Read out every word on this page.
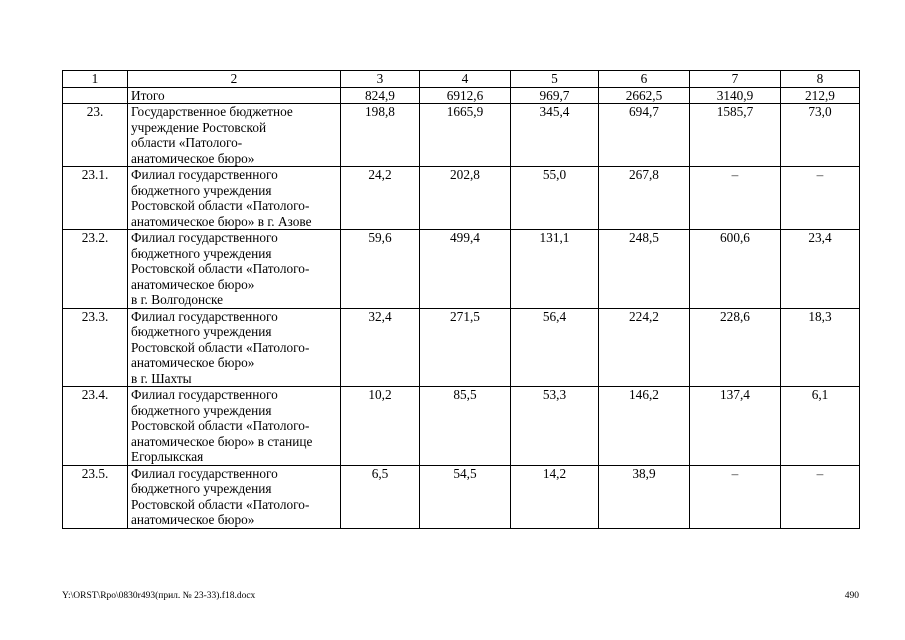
1	2	3	4	5	6	7	8
	Итого	824,9	6912,6	969,7	2662,5	3140,9	212,9
23.	Государственное бюджетное
учреждение Ростовской
области «Патолого-
анатомическое бюро»	198,8	1665,9	345,4	694,7	1585,7	73,0
23.1.	Филиал государственного
бюджетного учреждения
Ростовской области «Патолого-
анатомическое бюро» в г. Азове	24,2	202,8	55,0	267,8	–	–
23.2.	Филиал государственного
бюджетного учреждения
Ростовской области «Патолого-
анатомическое бюро»
в г. Волгодонске	59,6	499,4	131,1	248,5	600,6	23,4
23.3.	Филиал государственного
бюджетного учреждения
Ростовской области «Патолого-
анатомическое бюро»
в г. Шахты	32,4	271,5	56,4	224,2	228,6	18,3
23.4.	Филиал государственного
бюджетного учреждения
Ростовской области «Патолого-
анатомическое бюро» в станице
Егорлыкская	10,2	85,5	53,3	146,2	137,4	6,1
23.5.	Филиал государственного
бюджетного учреждения
Ростовской области «Патолого-
анатомическое бюро»	6,5	54,5	14,2	38,9	–	–
Y:\ORST\Rpo\0830r493(прил. № 23-33).f18.docx	490
